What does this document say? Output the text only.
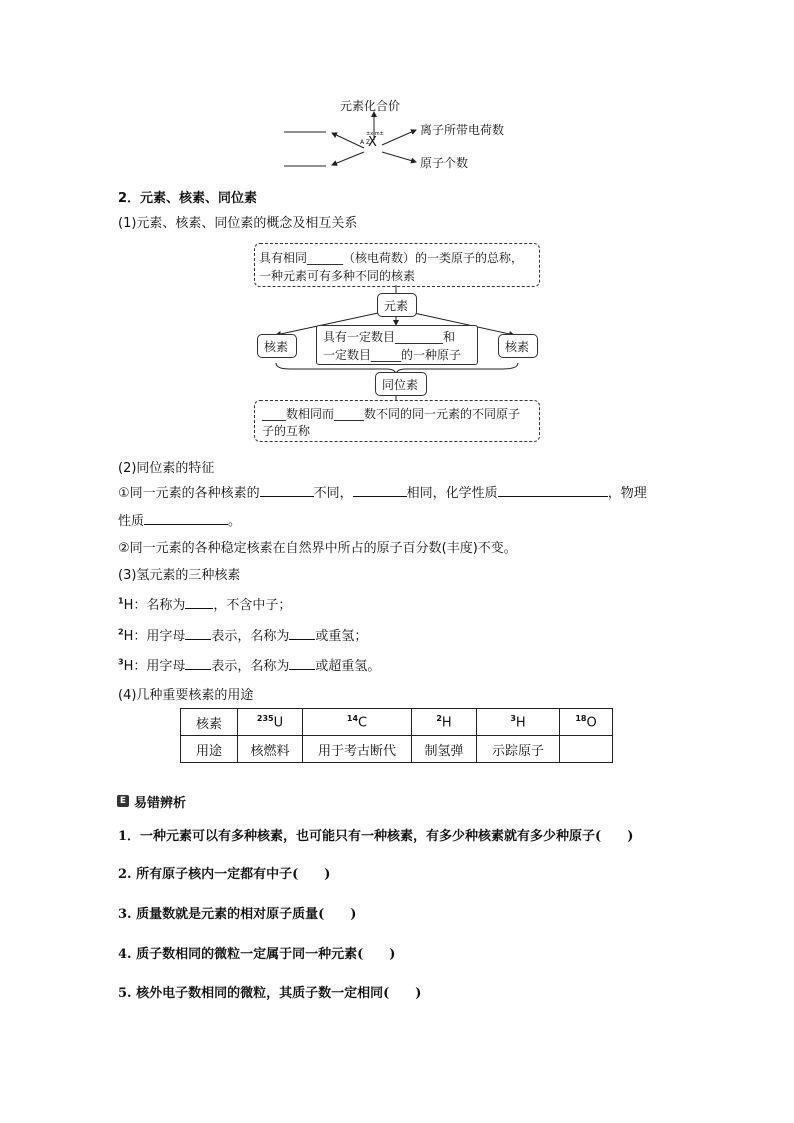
元素化合价
离子所带电荷数
原子个数
±x m±
A Z
X
2．元素、核素、同位素
(1)元素、核素、同位素的概念及相互关系
具有相同______（核电荷数）的一类原子的总称，
一种元素可有多种不同的核素
元素
核素	核素
具有一定数目________和
一定数目_____的一种原子
同位素
____数相同而_____数不同的同一元素的不同原子
子的互称
(2)同位素的特征
①同一元素的各种核素的	不同，	相同，化学性质	，物理
性质	。
②同一元素的各种稳定核素在自然界中所占的原子百分数(丰度)不变。
(3)氢元素的三种核素
$^1$H：名称为 ，不含中子；
$^2$H：用字母 表示，名称为 或重氢；
$^3$H：用字母 表示，名称为 或超重氢。
(4)几种重要核素的用途
核素	$^{235}$U	$^{14}$C	$^2$H	$^3$H	$^{18}$O
用途	核燃料	用于考古断代	制氢弹	示踪原子	
E 易错辨析
1．一种元素可以有多种核素，也可能只有一种核素，有多少种核素就有多少种原子(　　)
2. 所有原子核内一定都有中子(　　)
3. 质量数就是元素的相对原子质量(　　)
4. 质子数相同的微粒一定属于同一种元素(　　)
5. 核外电子数相同的微粒，其质子数一定相同(　　)
